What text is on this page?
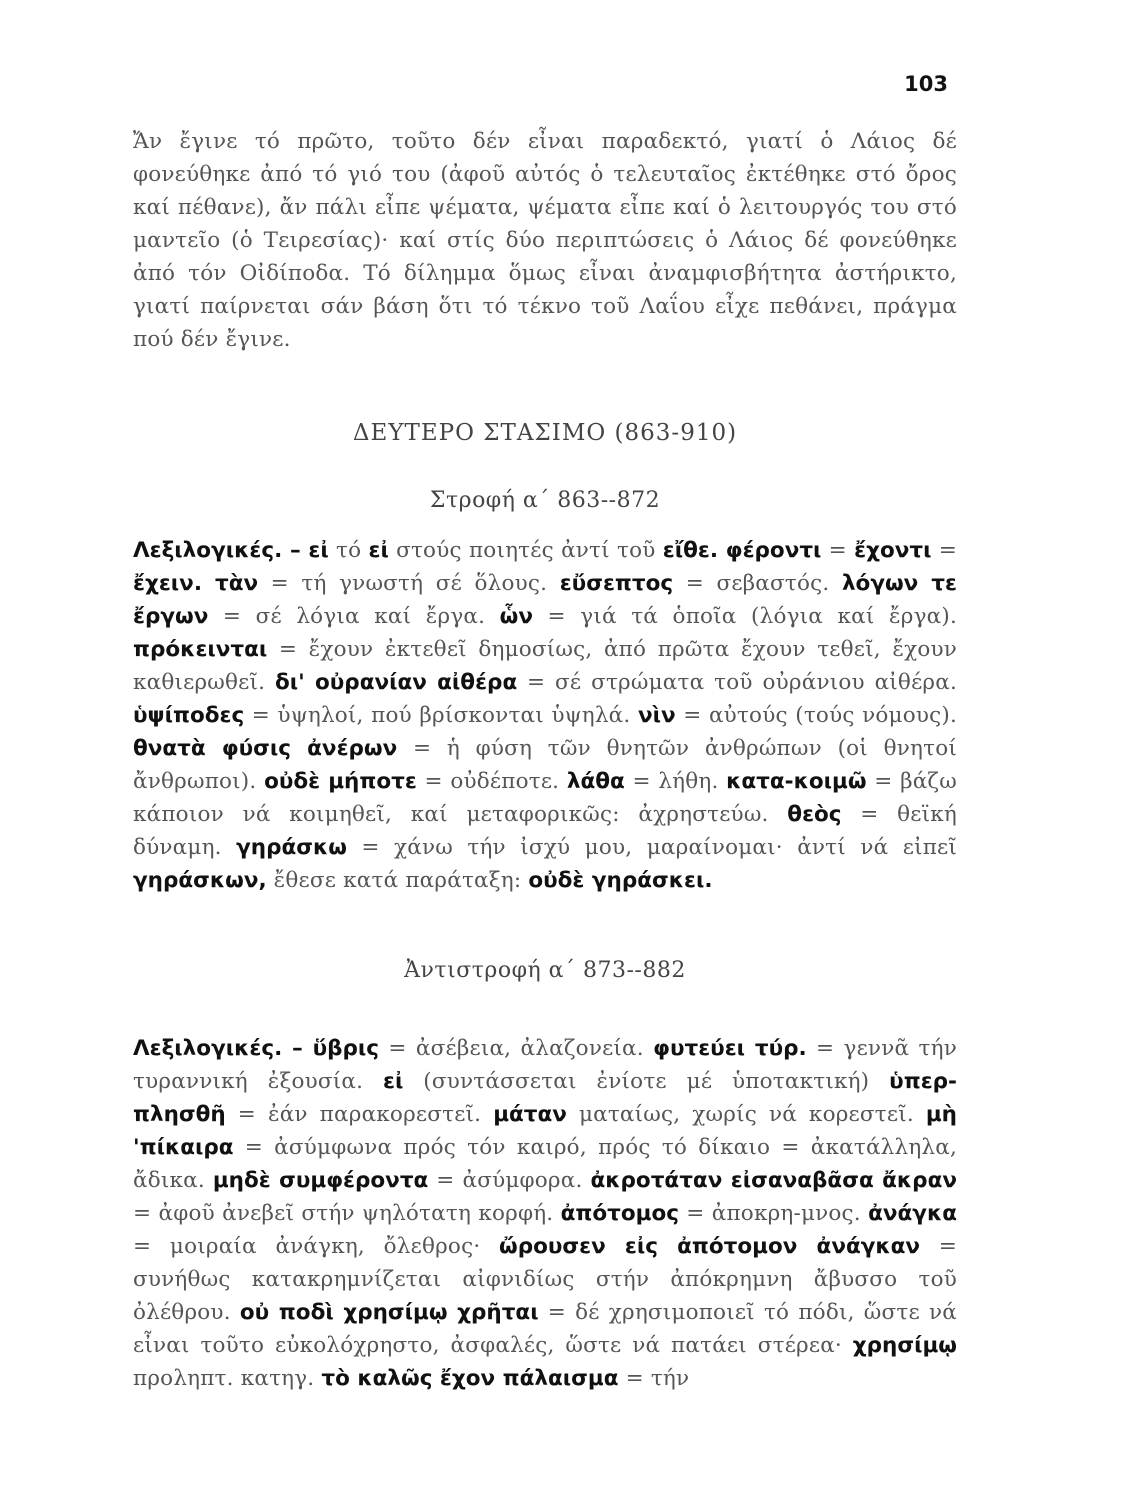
103
Ἄν ἔγινε τό πρῶτο, τοῦτο δέν εἶναι παραδεκτό, γιατί ὁ Λάιος δέ φονεύθηκε ἀπό τό γιό του (ἀφοῦ αὐτός ὁ τελευταῖος ἐκτέθηκε στό ὄρος καί πέθανε), ἄν πάλι εἶπε ψέματα, ψέματα εἶπε καί ὁ λειτουργός του στό μαντεῖο (ὁ Τειρεσίας)· καί στίς δύο περιπτώσεις ὁ Λάιος δέ φονεύθηκε ἀπό τόν Οἰδίποδα. Τό δίλημμα ὅμως εἶναι ἀναμφισβήτητα ἀστήρικτο, γιατί παίρνεται σάν βάση ὅτι τό τέκνο τοῦ Λαΐου εἶχε πεθάνει, πράγμα πού δέν ἔγινε.
ΔΕΥΤΕΡΟ ΣΤΑΣΙΜΟ (863-910)
Στροφή α΄ 863--872
Λεξιλογικές. – εἰ τό εἰ στούς ποιητές ἀντί τοῦ εἴθε. φέροντι = ἔχοντι = ἔχειν. τὰν = τή γνωστή σέ ὅλους. εὔσεπτος = σεβαστός. λόγων τε ἔργων = σέ λόγια καί ἔργα. ὧν = γιά τά ὁποῖα (λόγια καί ἔργα). πρόκεινται = ἔχουν ἐκτεθεῖ δημοσίως, ἀπό πρῶτα ἔχουν τεθεῖ, ἔχουν καθιερωθεῖ. δι' οὐρανίαν αἰθέρα = σέ στρώματα τοῦ οὐράνιου αἰθέρα. ὑψίποδες = ὑψηλοί, πού βρίσκονται ὑψηλά. νὶν = αὐτούς (τούς νόμους). θνατὰ φύσις ἀνέρων = ἡ φύση τῶν θνητῶν ἀνθρώπων (οἱ θνητοί ἄνθρωποι). οὐδὲ μήποτε = οὐδέποτε. λάθα = λήθη. κατα-κοιμῶ = βάζω κάποιον νά κοιμηθεῖ, καί μεταφορικῶς: ἀχρηστεύω. θεὸς = θεϊκή δύναμη. γηράσκω = χάνω τήν ἰσχύ μου, μαραίνομαι· ἀντί νά εἰπεῖ γηράσκων, ἔθεσε κατά παράταξη: οὐδὲ γηράσκει.
Ἀντιστροφή α΄ 873--882
Λεξιλογικές. – ὕβρις = ἀσέβεια, ἀλαζονεία. φυτεύει τύρ. = γεννᾶ τήν τυραννική ἐξουσία. εἰ (συντάσσεται ἐνίοτε μέ ὑποτακτική) ὑπερ-πλησθῆ = ἐάν παρακορεστεῖ. μάταν ματαίως, χωρίς νά κορεστεῖ. μὴ 'πίκαιρα = ἀσύμφωνα πρός τόν καιρό, πρός τό δίκαιο = ἀκατάλληλα, ἄδικα. μηδὲ συμφέροντα = ἀσύμφορα. ἀκροτάταν εἰσαναβᾶσα ἄκραν = ἀφοῦ ἀνεβεῖ στήν ψηλότατη κορφή. ἀπότομος = ἀποκρη-μνος. ἀνάγκα = μοιραία ἀνάγκη, ὄλεθρος· ὤρουσεν εἰς ἀπότομον ἀνάγκαν = συνήθως κατακρημνίζεται αἰφνιδίως στήν ἀπόκρημνη ἄβυσσο τοῦ ὀλέθρου. οὐ ποδὶ χρησίμῳ χρῆται = δέ χρησιμοποιεῖ τό πόδι, ὥστε νά εἶναι τοῦτο εὐκολόχρηστο, ἀσφαλές, ὥστε νά πατάει στέρεα· χρησίμῳ προληπτ. κατηγ. τὸ καλῶς ἔχον πάλαισμα = τήν
